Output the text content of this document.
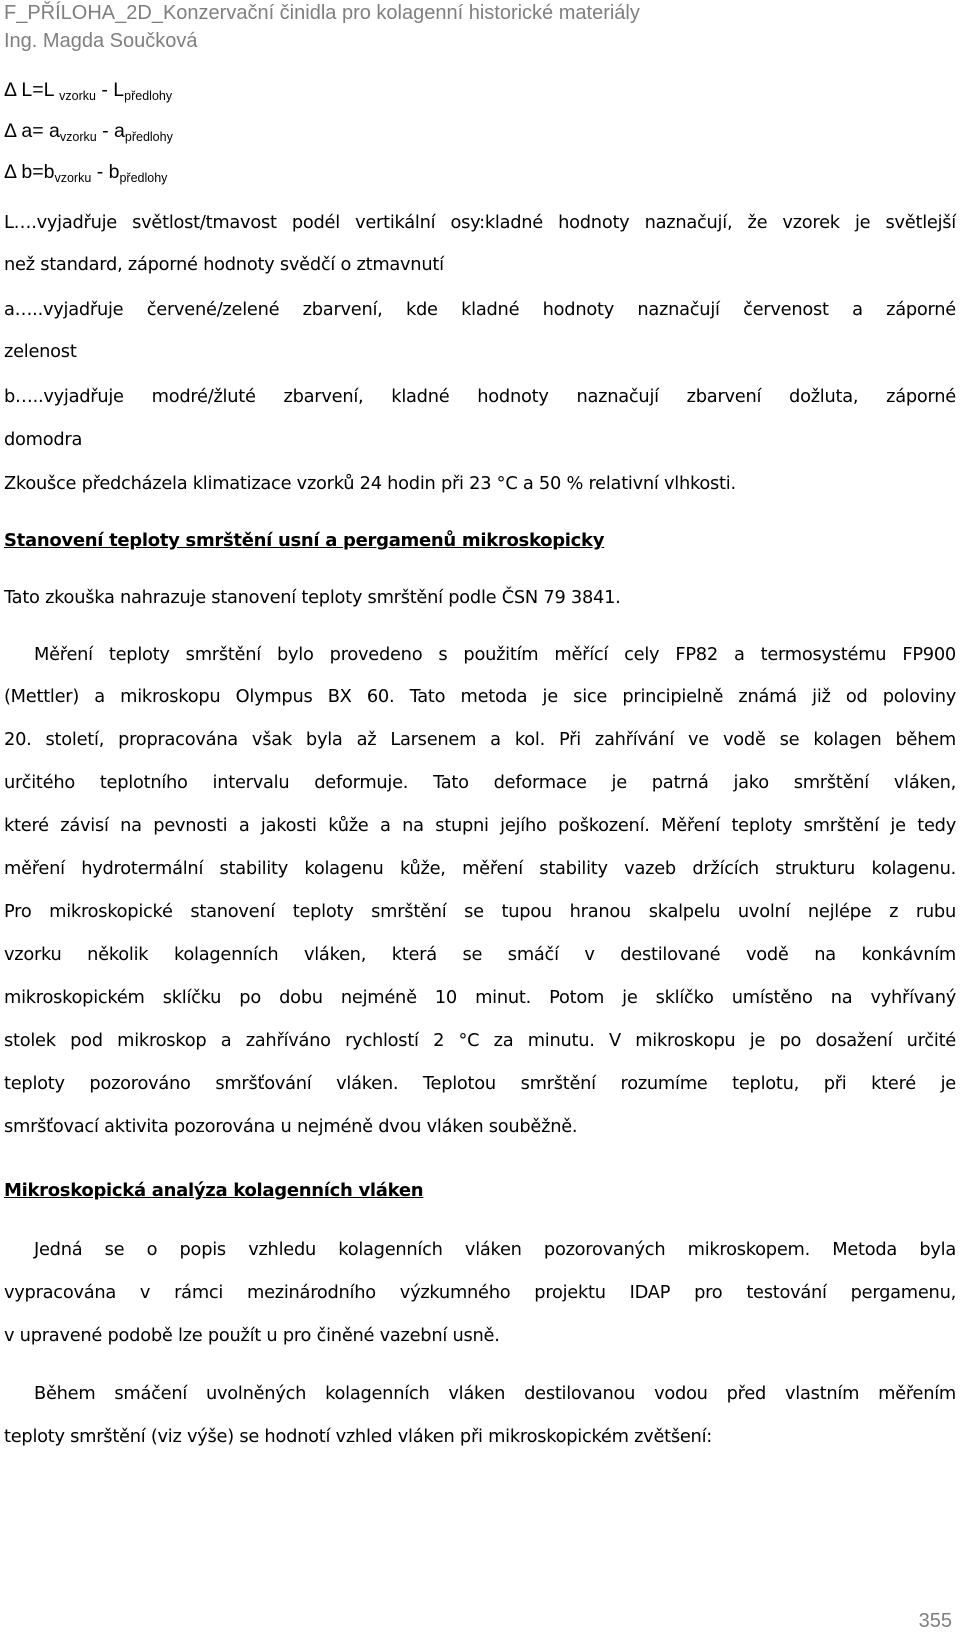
F_PŘÍLOHA_2D_Konzervační činidla pro kolagenní historické materiály
Ing. Magda Součková
Δ L=L $_{vzorku} - L_{předlohy}$
Δ $a= a_{vzorku} - a_{předlohy}$
Δ $b=b_{vzorku} - b_{předlohy}$
L….vyjadřuje světlost/tmavost podél vertikální osy:kladné hodnoty naznačují, že vzorek je světlejší
než standard, záporné hodnoty svědčí o ztmavnutí
a…..vyjadřuje červené/zelené zbarvení, kde kladné hodnoty naznačují červenost a záporné
zelenost
b…..vyjadřuje modré/žluté zbarvení, kladné hodnoty naznačují zbarvení dožluta, záporné
domodra
Zkoušce předcházela klimatizace vzorků 24 hodin při 23 °C a 50 % relativní vlhkosti.
Stanovení teploty smrštění usní a pergamenů mikroskopicky
Tato zkouška nahrazuje stanovení teploty smrštění podle ČSN 79 3841.
Měření teploty smrštění bylo provedeno s použitím měřící cely FP82 a termosystému FP900
(Mettler) a mikroskopu Olympus BX 60. Tato metoda je sice principielně známá již od poloviny
20. století, propracována však byla až Larsenem a kol. Při zahřívání ve vodě se kolagen během
určitého teplotního intervalu deformuje. Tato deformace je patrná jako smrštění vláken,
které závisí na pevnosti a jakosti kůže a na stupni jejího poškození. Měření teploty smrštění je tedy
měření hydrotermální stability kolagenu kůže, měření stability vazeb držících strukturu kolagenu.
Pro mikroskopické stanovení teploty smrštění se tupou hranou skalpelu uvolní nejlépe z rubu
vzorku několik kolagenních vláken, která se smáčí v destilované vodě na konkávním
mikroskopickém sklíčku po dobu nejméně 10 minut. Potom je sklíčko umístěno na vyhřívaný
stolek pod mikroskop a zahříváno rychlostí 2 °C za minutu. V mikroskopu je po dosažení určité
teploty pozorováno smršťování vláken. Teplotou smrštění rozumíme teplotu, při které je
smršťovací aktivita pozorována u nejméně dvou vláken souběžně.
Mikroskopická analýza kolagenních vláken
Jedná se o popis vzhledu kolagenních vláken pozorovaných mikroskopem. Metoda byla
vypracována v rámci mezinárodního výzkumného projektu IDAP pro testování pergamenu,
v upravené podobě lze použít u pro činěné vazební usně.
Během smáčení uvolněných kolagenních vláken destilovanou vodou před vlastním měřením
teploty smrštění (viz výše) se hodnotí vzhled vláken při mikroskopickém zvětšení:
355
